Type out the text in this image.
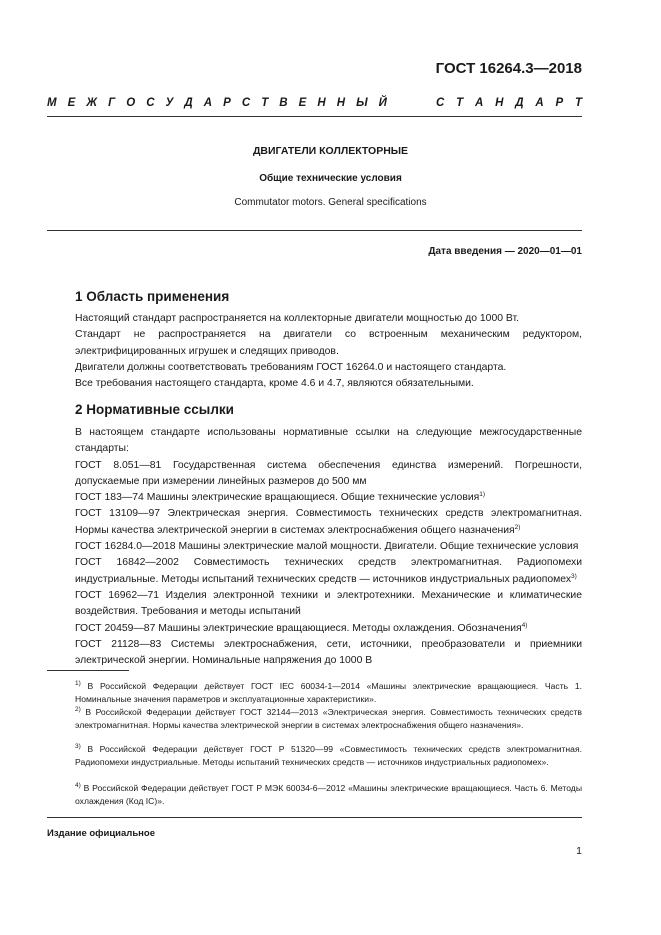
ГОСТ 16264.3—2018
М Е Ж Г О С У Д А Р С Т В Е Н Н Ы Й	С Т А Н Д А Р Т
ДВИГАТЕЛИ КОЛЛЕКТОРНЫЕ
Общие технические условия
Commutator motors. General specifications
Дата введения — 2020—01—01
1 Область применения
Настоящий стандарт распространяется на коллекторные двигатели мощностью до 1000 Вт.
Стандарт не распространяется на двигатели со встроенным механическим редуктором, электрифицированных игрушек и следящих приводов.
Двигатели должны соответствовать требованиям ГОСТ 16264.0 и настоящего стандарта.
Все требования настоящего стандарта, кроме 4.6 и 4.7, являются обязательными.
2 Нормативные ссылки
В настоящем стандарте использованы нормативные ссылки на следующие межгосударственные стандарты:
ГОСТ 8.051—81 Государственная система обеспечения единства измерений. Погрешности, допускаемые при измерении линейных размеров до 500 мм
ГОСТ 183—74 Машины электрические вращающиеся. Общие технические условия$^{1)}$
ГОСТ 13109—97 Электрическая энергия. Совместимость технических средств электромагнитная. Нормы качества электрической энергии в системах электроснабжения общего назначения$^{2)}$
ГОСТ 16284.0—2018 Машины электрические малой мощности. Двигатели. Общие технические условия
ГОСТ 16842—2002 Совместимость технических средств электромагнитная. Радиопомехи индустриальные. Методы испытаний технических средств — источников индустриальных радиопомех$^{3)}$
ГОСТ 16962—71 Изделия электронной техники и электротехники. Механические и климатические воздействия. Требования и методы испытаний
ГОСТ 20459—87 Машины электрические вращающиеся. Методы охлаждения. Обозначения$^{4)}$
ГОСТ 21128—83 Системы электроснабжения, сети, источники, преобразователи и приемники электрической энергии. Номинальные напряжения до 1000 В
$^{1)}$ В Российской Федерации действует ГОСТ IEC 60034-1—2014 «Машины электрические вращающиеся. Часть 1. Номинальные значения параметров и эксплуатационные характеристики».
$^{2)}$ В Российской Федерации действует ГОСТ 32144—2013 «Электрическая энергия. Совместимость технических средств электромагнитная. Нормы качества электрической энергии в системах электроснабжения общего назначения».
$^{3)}$ В Российской Федерации действует ГОСТ Р 51320—99 «Совместимость технических средств электромагнитная. Радиопомехи индустриальные. Методы испытаний технических средств — источников индустриальных радиопомех».
$^{4)}$ В Российской Федерации действует ГОСТ Р МЭК 60034-6—2012 «Машины электрические вращающиеся. Часть 6. Методы охлаждения (Код IC)».
Издание официальное
1
